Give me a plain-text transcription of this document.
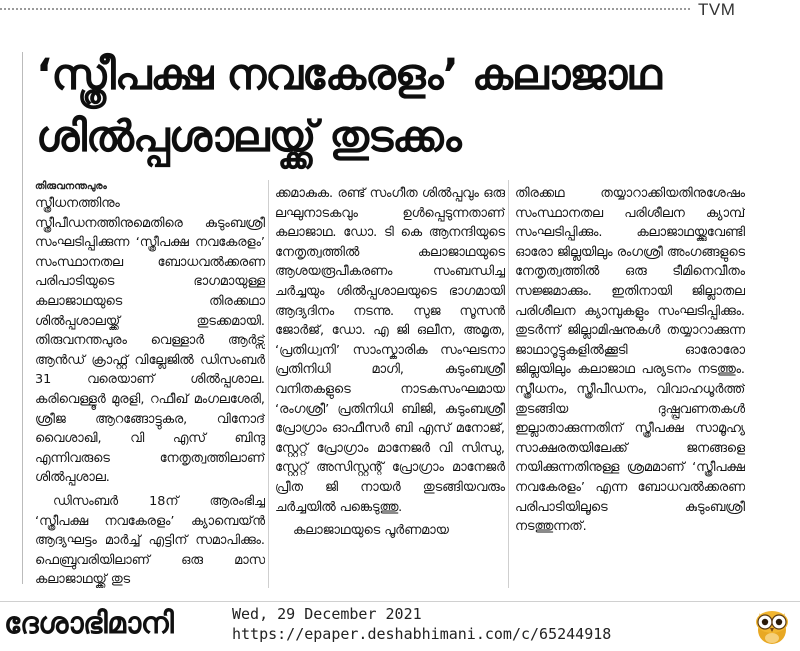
TVM
‘സ്ത്രീപക്ഷ നവകേരളം’ കലാജാഥ
ശിൽപ്പശാലയ്ക്ക് തുടക്കം
തിരുവനന്തപുരം

സ്ത്രീധനത്തിനും സ്ത്രീപീഡനത്തിനുമെതിരെ കുടുംബശ്രീ സംഘടിപ്പിക്കുന്ന ‘സ്ത്രീപക്ഷ നവകേരളം’ സംസ്ഥാനതല ബോധവൽക്കരണ പരിപാടിയുടെ ഭാഗമായുള്ള കലാജാഥയുടെ തിരക്കഥാ ശിൽപ്പശാലയ്ക്ക് തുടക്കമായി. തിരുവനന്തപുരം വെള്ളാർ ആർട്സ് ആൻഡ് ക്രാഫ്റ്റ് വില്ലേജിൽ ഡിസംബർ 31 വരെയാണ് ശിൽപ്പശാല. കരിവെള്ളൂർ മുരളി, റഫീഖ് മംഗലശേരി, ശ്രീജ ആറങ്ങോട്ടുകര, വിനോദ് വൈശാഖി, വി എസ് ബിന്ദു എന്നിവരുടെ നേതൃത്വത്തിലാണ് ശിൽപ്പശാല.

ഡിസംബർ 18ന് ആരംഭിച്ച ‘സ്ത്രീപക്ഷ നവകേരളം’ ക്യാമ്പെയ്ൻ ആദ്യഘട്ടം മാർച്ച് എട്ടിന് സമാപിക്കും. ഫെബ്രുവരിയിലാണ് ഒരു മാസ കലാജാഥയ്ക്ക് തുട

ക്കമാകുക. രണ്ട് സംഗീത ശിൽപ്പവും ഒരു ലഘുനാടകവും ഉൾപ്പെടുന്നതാണ് കലാജാഥ. ഡോ. ടി കെ ആനന്ദിയുടെ നേതൃത്വത്തിൽ കലാജാഥയുടെ ആശയരൂപീകരണം സംബന്ധിച്ച ചർച്ചയും ശിൽപ്പശാലയുടെ ഭാഗമായി ആദ്യദിനം നടന്നു. സുജ സൂസൻ ജോർജ്, ഡോ. എ ജി ഒലീന, അമൃത, ‘പ്രതിധ്വനി’ സാംസ്കാരിക സംഘടനാ പ്രതിനിധി മാഗി, കുടുംബശ്രീ വനിതകളുടെ നാടകസംഘമായ ‘രംഗശ്രീ’ പ്രതിനിധി ബിജി, കുടുംബശ്രീ പ്രോഗ്രാം ഓഫീസർ ബി എസ് മനോജ്, സ്റ്റേറ്റ് പ്രോഗ്രാം മാനേജർ വി സിന്ധു, സ്റ്റേറ്റ് അസിസ്റ്റന്റ് പ്രോഗ്രാം മാനേജർ പ്രീത ജി നായർ തുടങ്ങിയവരും ചർച്ചയിൽ പങ്കെടുത്തു.

കലാജാഥയുടെ പൂർണമായ

തിരക്കഥ തയ്യാറാക്കിയതിനുശേഷം സംസ്ഥാനതല പരിശീലന ക്യാമ്പ് സംഘടിപ്പിക്കും. കലാജാഥയ്ക്കുവേണ്ടി ഓരോ ജില്ലയിലും രംഗശ്രീ അംഗങ്ങളുടെ നേതൃത്വത്തിൽ ഒരു ടീമിനെവീതം സജ്ജമാക്കും. ഇതിനായി ജില്ലാതല പരിശീലന ക്യാമ്പുകളും സംഘടിപ്പിക്കും. തുടർന്ന് ജില്ലാമിഷനുകൾ തയ്യാറാക്കുന്ന ജാഥാറൂട്ടുകളിൽക്കൂടി ഓരോരോ ജില്ലയിലും കലാജാഥ പര്യടനം നടത്തും. സ്ത്രീധനം, സ്ത്രീപീഡനം, വിവാഹധൂർത്ത് തുടങ്ങിയ ദുഷ്പ്രവണതകൾ ഇല്ലാതാക്കുന്നതിന് സ്ത്രീപക്ഷ സാമൂഹ്യ സാക്ഷരതയിലേക്ക് ജനങ്ങളെ നയിക്കുന്നതിനുള്ള ശ്രമമാണ് ‘സ്ത്രീപക്ഷ നവകേരളം’ എന്ന ബോധവൽക്കരണ പരിപാടിയിലൂടെ കുടുംബശ്രീ നടത്തുന്നത്.

ദേശാഭിമാനി	Wed, 29 December 2021
https://epaper.deshabhimani.com/c/65244918
